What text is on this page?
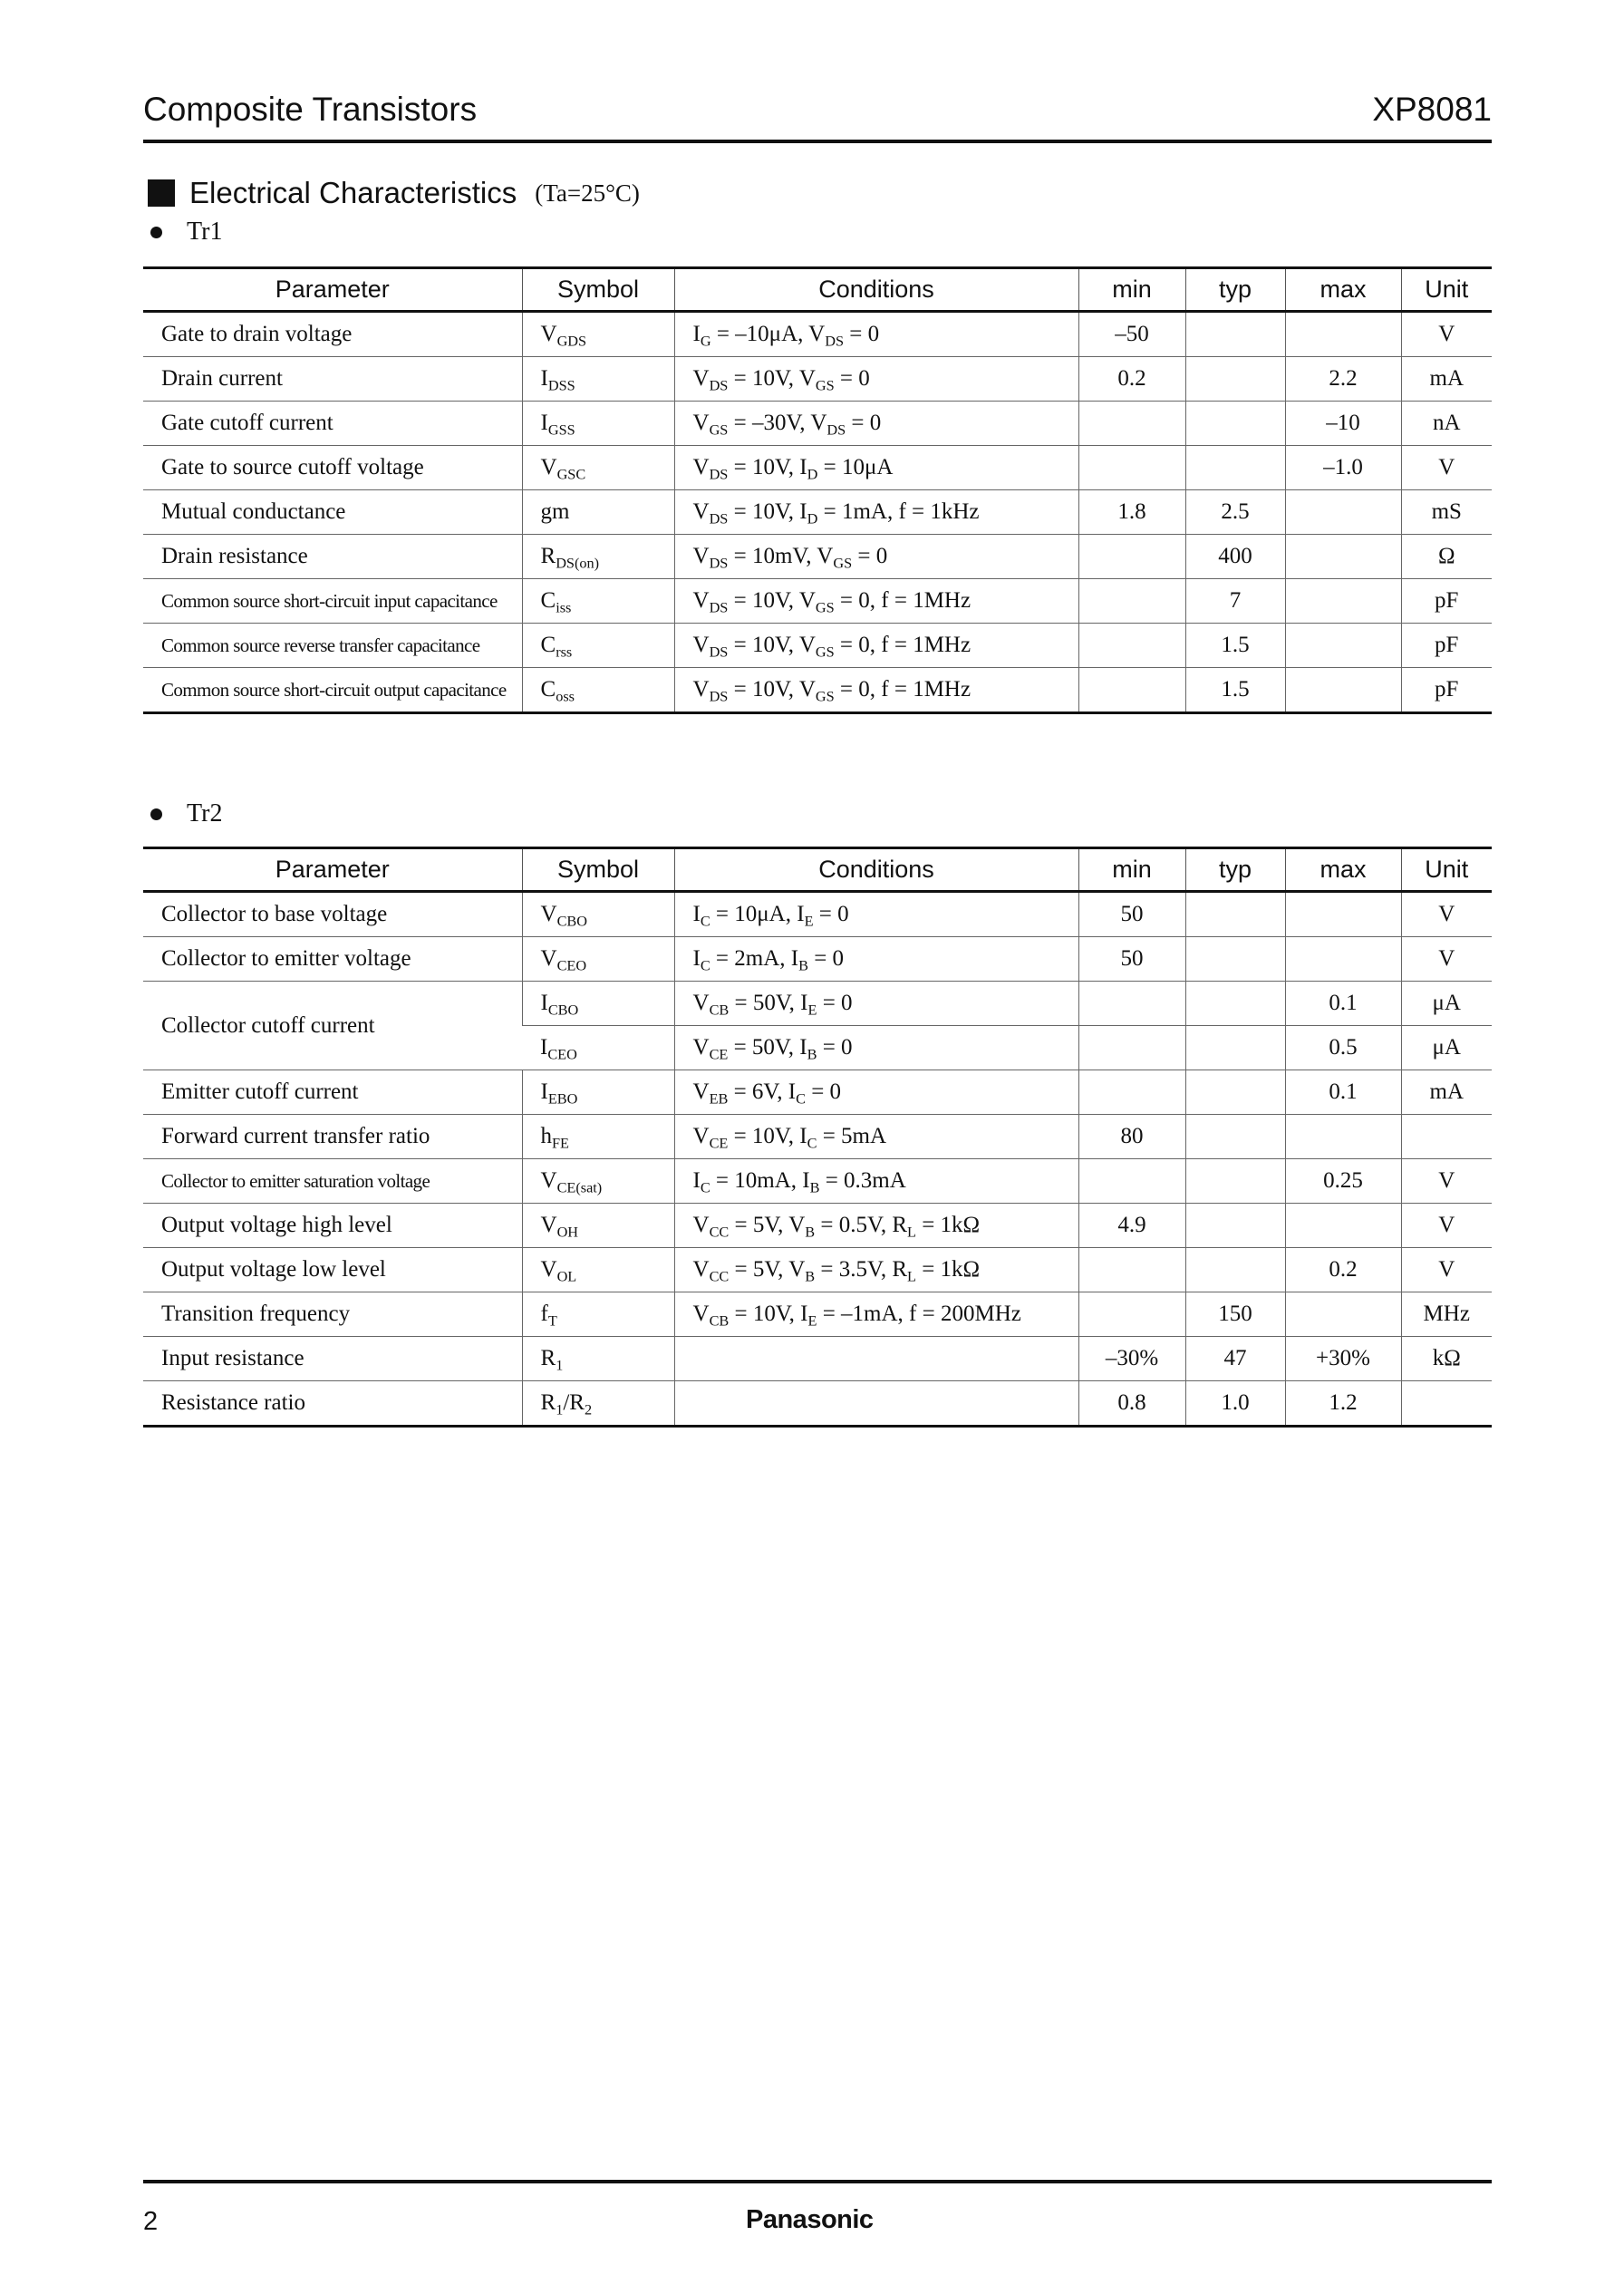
Composite Transistors	XP8081
Electrical Characteristics (Ta=25°C)
Tr1
Parameter	Symbol	Conditions	min	typ	max	Unit
Gate to drain voltage	$V_{GDS}$	$I_G = -10\mu A$, $V_{DS} = 0$	–50			V
Drain current	$I_{DSS}$	$V_{DS} = 10V$, $V_{GS} = 0$	0.2		2.2	mA
Gate cutoff current	$I_{GSS}$	$V_{GS} = -30V$, $V_{DS} = 0$			–10	nA
Gate to source cutoff voltage	$V_{GSC}$	$V_{DS} = 10V$, $I_D = 10\mu A$			–1.0	V
Mutual conductance	gm	$V_{DS} = 10V$, $I_D = 1mA$, f = 1kHz	1.8	2.5		mS
Drain resistance	$R_{DS(on)}$	$V_{DS} = 10mV$, $V_{GS} = 0$		400		Ω
Common source short-circuit input capacitance	$C_{iss}$	$V_{DS} = 10V$, $V_{GS} = 0$, f = 1MHz		7		pF
Common source reverse transfer capacitance	$C_{rss}$	$V_{DS} = 10V$, $V_{GS} = 0$, f = 1MHz		1.5		pF
Common source short-circuit output capacitance	$C_{oss}$	$V_{DS} = 10V$, $V_{GS} = 0$, f = 1MHz		1.5		pF
Tr2
Parameter	Symbol	Conditions	min	typ	max	Unit
Collector to base voltage	$V_{CBO}$	$I_C = 10\mu A$, $I_E = 0$	50			V
Collector to emitter voltage	$V_{CEO}$	$I_C = 2mA$, $I_B = 0$	50			V
Collector cutoff current	$I_{CBO}$	$V_{CB} = 50V$, $I_E = 0$			0.1	μA
	$I_{CEO}$	$V_{CE} = 50V$, $I_B = 0$			0.5	μA
Emitter cutoff current	$I_{EBO}$	$V_{EB} = 6V$, $I_C = 0$			0.1	mA
Forward current transfer ratio	$h_{FE}$	$V_{CE} = 10V$, $I_C = 5mA$	80			
Collector to emitter saturation voltage	$V_{CE(sat)}$	$I_C = 10mA$, $I_B = 0.3mA$			0.25	V
Output voltage high level	$V_{OH}$	$V_{CC} = 5V$, $V_B = 0.5V$, $R_L = 1k\Omega$	4.9			V
Output voltage low level	$V_{OL}$	$V_{CC} = 5V$, $V_B = 3.5V$, $R_L = 1k\Omega$			0.2	V
Transition frequency	$f_T$	$V_{CB} = 10V$, $I_E = -1mA$, f = 200MHz		150		MHz
Input resistance	$R_1$		–30%	47	+30%	kΩ
Resistance ratio	$R_1/R_2$		0.8	1.0	1.2	
2	Panasonic
